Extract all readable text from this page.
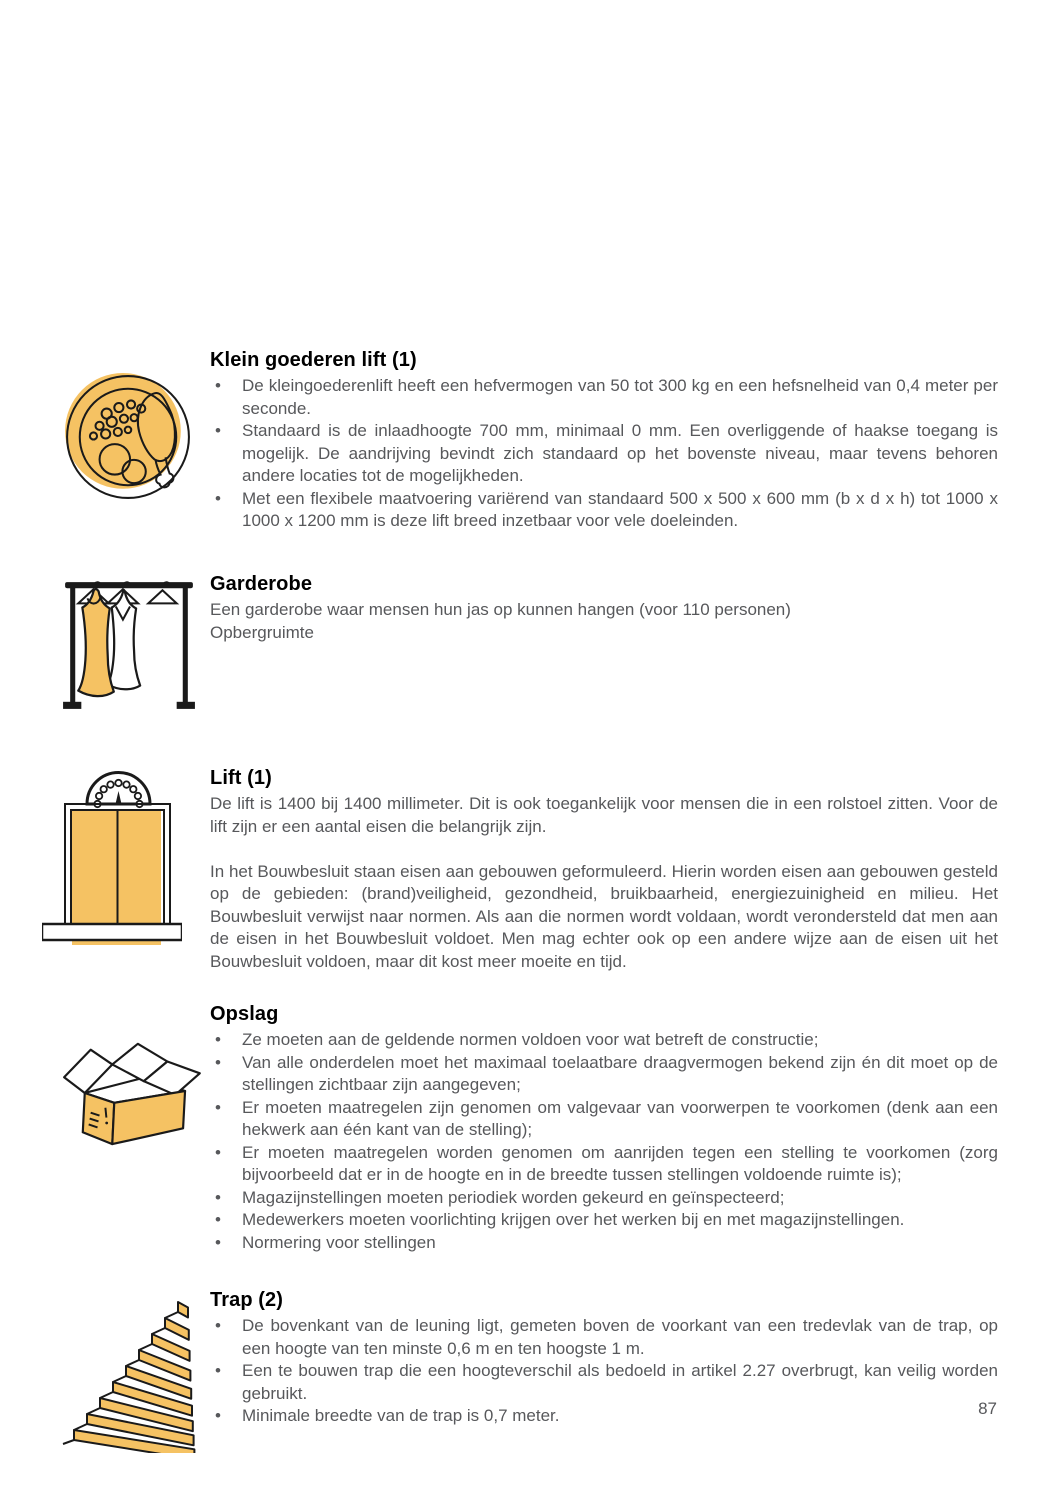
Klein goederen lift (1)
• De kleingoederenlift heeft een hefvermogen van 50 tot 300 kg en een hefsnelheid van 0,4 meter per seconde.
• Standaard is de inlaadhoogte 700 mm, minimaal 0 mm. Een overliggende of haakse toegang is mogelijk. De aandrijving bevindt zich standaard op het bovenste niveau, maar tevens behoren andere locaties tot de mogelijkheden.
• Met een flexibele maatvoering variërend van standaard 500 x 500 x 600 mm (b x d x h) tot 1000 x 1000 x 1200 mm is deze lift breed inzetbaar voor vele doeleinden.
Garderobe

Een garderobe waar mensen hun jas op kunnen hangen (voor 110 personen)

Opbergruimte

Lift (1)

De lift is 1400 bij 1400 millimeter. Dit is ook toegankelijk voor mensen die in een rolstoel zitten. Voor de lift zijn er een aantal eisen die belangrijk zijn.

In het Bouwbesluit staan eisen aan gebouwen geformuleerd. Hierin worden eisen aan gebouwen gesteld op de gebieden: (brand)veiligheid, gezondheid, bruikbaarheid, energiezuinigheid en milieu. Het Bouwbesluit verwijst naar normen. Als aan die normen wordt voldaan, wordt verondersteld dat men aan de eisen in het Bouwbesluit voldoet. Men mag echter ook op een andere wijze aan de eisen uit het Bouwbesluit voldoen, maar dit kost meer moeite en tijd.

Opslag
• Ze moeten aan de geldende normen voldoen voor wat betreft de constructie;
• Van alle onderdelen moet het maximaal toelaatbare draagvermogen bekend zijn én dit moet op de stellingen zichtbaar zijn aangegeven;
• Er moeten maatregelen zijn genomen om valgevaar van voorwerpen te voorkomen (denk aan een hekwerk aan één kant van de stelling);
• Er moeten maatregelen worden genomen om aanrijden tegen een stelling te voorkomen (zorg bijvoorbeeld dat er in de hoogte en in de breedte tussen stellingen voldoende ruimte is);
• Magazijnstellingen moeten periodiek worden gekeurd en geïnspecteerd;
• Medewerkers moeten voorlichting krijgen over het werken bij en met magazijnstellingen.
• Normering voor stellingen
Trap (2)
• De bovenkant van de leuning ligt, gemeten boven de voorkant van een tredevlak van de trap, op een hoogte van ten minste 0,6 m en ten hoogste 1 m.
• Een te bouwen trap die een hoogteverschil als bedoeld in artikel 2.27 overbrugt, kan veilig worden gebruikt.
• Minimale breedte van de trap is 0,7 meter.	87
